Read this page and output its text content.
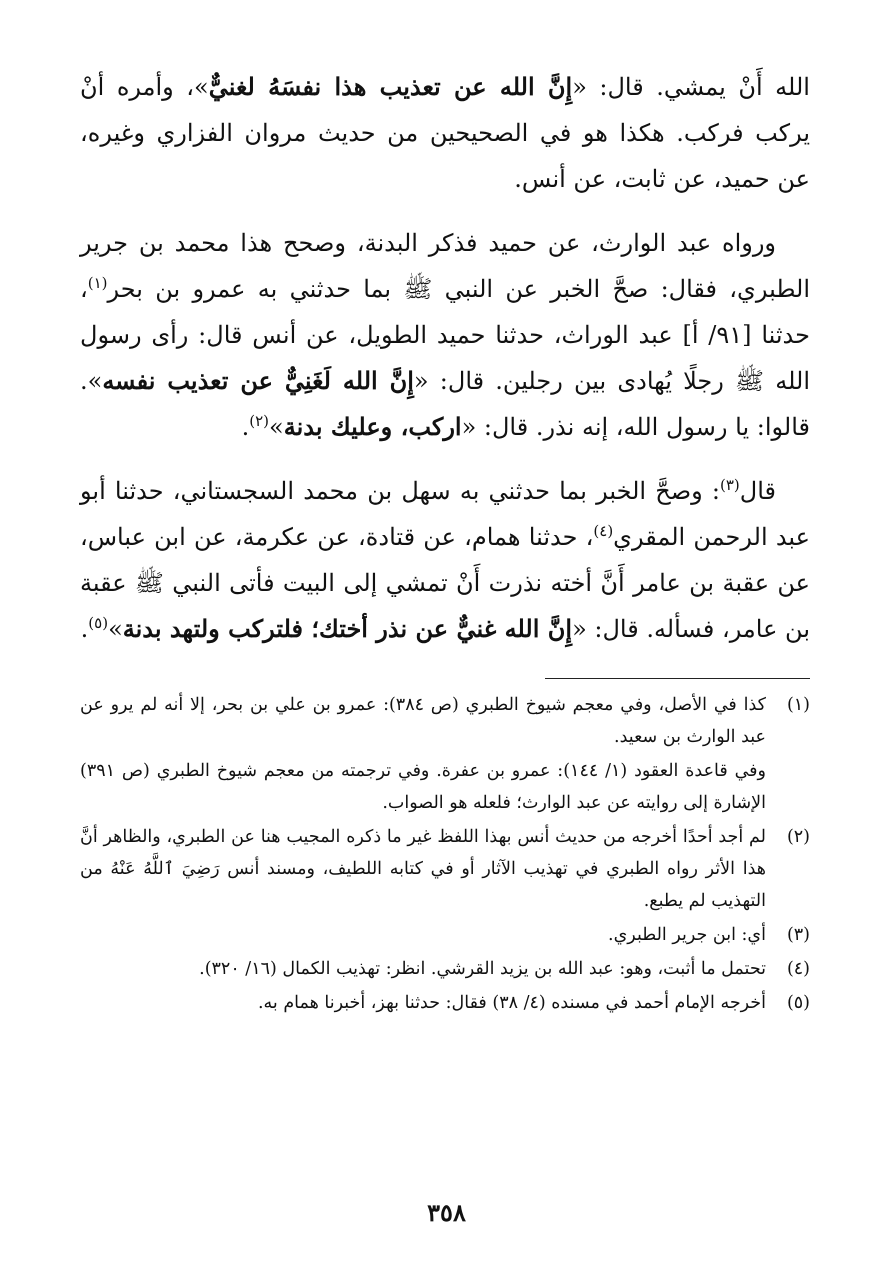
الله أَنْ يمشي. قال: «إِنَّ الله عن تعذيب هذا نفسَهُ لغنيٌّ»، وأمره أنْ يركب فركب. هكذا هو في الصحيحين من حديث مروان الفزاري وغيره، عن حميد، عن ثابت، عن أنس.

ورواه عبد الوارث، عن حميد فذكر البدنة، وصحح هذا محمد بن جرير الطبري، فقال: صحَّ الخبر عن النبي ﷺ بما حدثني به عمرو بن بحر$^{(١)}$، حدثنا [٩١/ أ] عبد الوراث، حدثنا حميد الطويل، عن أنس قال: رأى رسول الله ﷺ رجلًا يُهادى بين رجلين. قال: «إِنَّ الله لَغَنِيٌّ عن تعذيب نفسه». قالوا: يا رسول الله، إنه نذر. قال: «اركب، وعليك بدنة»$^{(٢)}$.

قال$^{(٣)}$: وصحَّ الخبر بما حدثني به سهل بن محمد السجستاني، حدثنا أبو عبد الرحمن المقري$^{(٤)}$، حدثنا همام، عن قتادة، عن عكرمة، عن ابن عباس، عن عقبة بن عامر أَنَّ أخته نذرت أَنْ تمشي إلى البيت فأتى النبي ﷺ عقبة بن عامر، فسأله. قال: «إِنَّ الله غنيٌّ عن نذر أختك؛ فلتركب ولتهد بدنة»$^{(٥)}$.

(١)
كذا في الأصل، وفي معجم شيوخ الطبري (ص ٣٨٤): عمرو بن علي بن بحر، إلا أنه لم يرو عن عبد الوارث بن سعيد.
وفي قاعدة العقود (١/ ١٤٤): عمرو بن عفرة. وفي ترجمته من معجم شيوخ الطبري (ص ٣٩١) الإشارة إلى روايته عن عبد الوارث؛ فلعله هو الصواب.
(٢)
لم أجد أحدًا أخرجه من حديث أنس بهذا اللفظ غير ما ذكره المجيب هنا عن الطبري، والظاهر أنَّ هذا الأثر رواه الطبري في تهذيب الآثار أو في كتابه اللطيف، ومسند أنس رَضِيَ ٱللَّهُ عَنْهُ من التهذيب لم يطبع.
(٣)
أي: ابن جرير الطبري.
(٤)
تحتمل ما أثبت، وهو: عبد الله بن يزيد القرشي. انظر: تهذيب الكمال (١٦/ ٣٢٠).
(٥)
أخرجه الإمام أحمد في مسنده (٤/ ٣٨) فقال: حدثنا بهز، أخبرنا همام به.
٣٥٨
